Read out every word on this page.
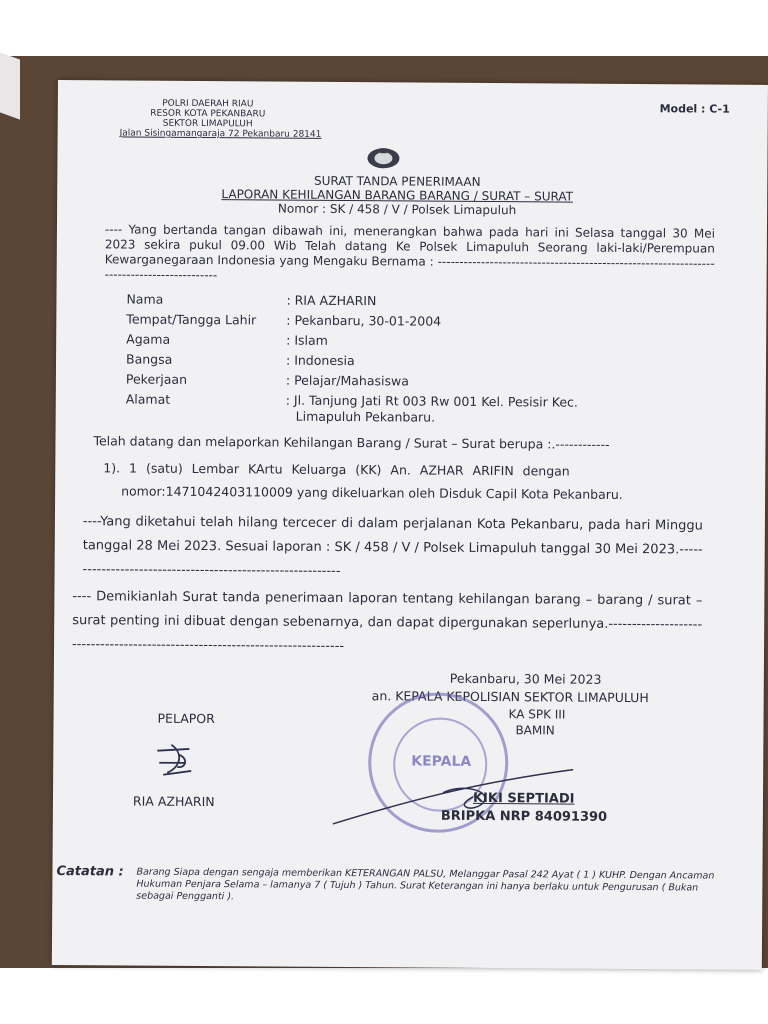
POLRI DAERAH RIAU
RESOR KOTA PEKANBARU
SEKTOR LIMAPULUH
Jalan Sisingamangaraja 72 Pekanbaru 28141
Model : C-1
SURAT TANDA PENERIMAAN
LAPORAN KEHILANGAN BARANG BARANG / SURAT – SURAT
Nomor : SK / 458 / V / Polsek Limapuluh
---- Yang bertanda tangan dibawah ini, menerangkan bahwa pada hari ini Selasa tanggal 30 Mei 2023 sekira pukul 09.00 Wib Telah datang Ke Polsek Limapuluh Seorang laki-laki/Perempuan Kewarganegaraan Indonesia yang Mengaku Bernama : ------------------------------------------------------------------------------------------
Nama	: RIA AZHARIN
Tempat/Tangga Lahir : Pekanbaru, 30-01-2004
Agama	: Islam
Bangsa	: Indonesia
Pekerjaan	: Pelajar/Mahasiswa
Alamat	: Jl. Tanjung Jati Rt 003 Rw 001 Kel. Pesisir Kec.
Limapuluh Pekanbaru.
Telah datang dan melaporkan Kehilangan Barang / Surat – Surat berupa :.------------
1). 1 (satu) Lembar KArtu Keluarga (KK) An. AZHAR ARIFIN dengan
nomor:1471042403110009 yang dikeluarkan oleh Disduk Capil Kota Pekanbaru.
----Yang diketahui telah hilang tercecer di dalam perjalanan Kota Pekanbaru, pada hari Minggu tanggal 28 Mei 2023. Sesuai laporan : SK / 458 / V / Polsek Limapuluh tanggal 30 Mei 2023.------------------------------------------------------------
---- Demikianlah Surat tanda penerimaan laporan tentang kehilangan barang – barang / surat – surat penting ini dibuat dengan sebenarnya, dan dapat dipergunakan seperlunya.------------------------------------------------------------------------------
Pekanbaru, 30 Mei 2023
an. KEPALA KEPOLISIAN SEKTOR LIMAPULUH
KA SPK III
BAMIN
KEPALA
KIKI SEPTIADI
BRIPKA NRP 84091390
PELAPOR
RIA AZHARIN
Catatan : Barang Siapa dengan sengaja memberikan KETERANGAN PALSU, Melanggar Pasal 242 Ayat ( 1 ) KUHP. Dengan Ancaman Hukuman Penjara Selama – lamanya 7 ( Tujuh ) Tahun. Surat Keterangan ini hanya berlaku untuk Pengurusan ( Bukan sebagai Pengganti ).
